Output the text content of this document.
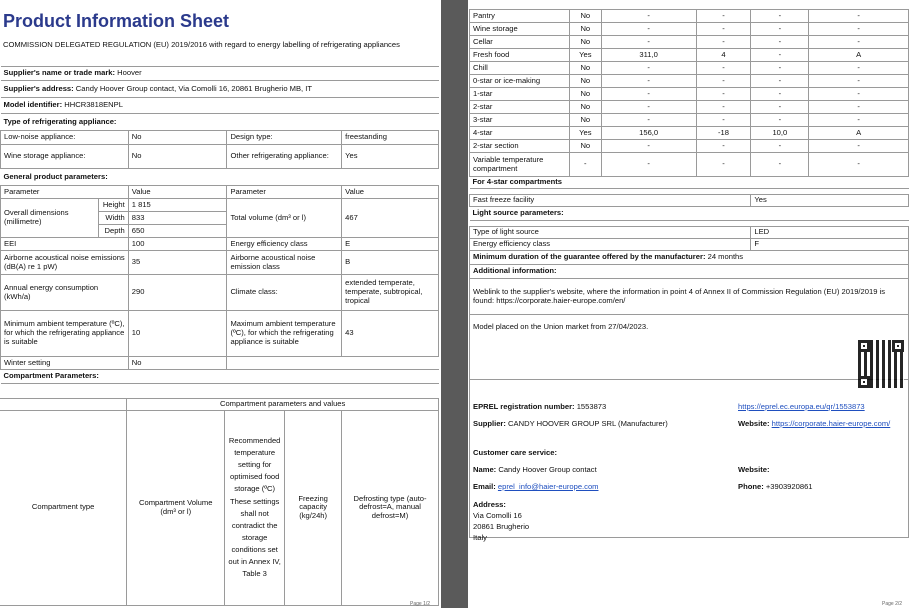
Product Information Sheet
COMMISSION DELEGATED REGULATION (EU) 2019/2016 with regard to energy labelling of refrigerating appliances
Supplier's name or trade mark: Hoover				
Supplier's address: Candy Hoover Group contact, Via Comolli 16, 20861 Brugherio MB, IT				
Model identifier: HHCR3818ENPL				
Type of refrigerating appliance:				
Low-noise appliance:		No	Design type:	freestanding
Wine storage appliance:		No	Other refrigerating appliance:	Yes
General product parameters:				
Parameter		Value	Parameter	Value
Overall dimensions (millimetre)	Height	1 815	Total volume (dm³ or l)	467
	Width	833		
	Depth	650		
EEI		100	Energy efficiency class	E
Airborne acoustical noise emissions (dB(A) re 1 pW)		35	Airborne acoustical noise emission class	B
Annual energy consumption (kWh/a)		290	Climate class:	extended temperate, temperate, subtropical, tropical
Minimum ambient temperature (ºC), for which the refrigerating appliance is suitable		10	Maximum ambient temperature (ºC), for which the refrigerating appliance is suitable	43
Winter setting		No		
Compartment Parameters:				
	Compartment parameters and values			
Compartment type	Compartment Volume (dm³ or l)	Recommended temperature setting for optimised food storage (ºC) These settings shall not contradict the storage conditions set out in Annex IV, Table 3	Freezing capacity (kg/24h)	Defrosting type (auto-defrost=A, manual defrost=M)
Page 1/2
Pantry	No	-	-	-	-
Wine storage	No	-	-	-	-
Cellar	No	-	-	-	-
Fresh food	Yes	311,0	4	-	A
Chill	No	-	-	-	-
0-star or ice-making	No	-	-	-	-
1-star	No	-	-	-	-
2-star	No	-	-	-	-
3-star	No	-	-	-	-
4-star	Yes	156,0	-18	10,0	A
2-star section	No	-	-	-	-
Variable temperature compartment	-	-	-	-	-
For 4-star compartments					

Fast freeze facility				Yes	
Light source parameters:					

Type of light source				LED	
Energy efficiency class				F	
Minimum duration of the guarantee offered by the manufacturer: 24 months					
Additional information:					
Weblink to the supplier's website, where the information in point 4 of Annex II of Commission Regulation (EU) 2019/2019 is found: https://corporate.haier-europe.com/en/					
Model placed on the Union market from 27/04/2023.					

EPREL registration number: 1553873	https://eprel.ec.europa.eu/qr/1553873
Supplier: CANDY HOOVER GROUP SRL (Manufacturer)	Website: https://corporate.haier-europe.com/
Customer care service:
Name: Candy Hoover Group contact	Website:
Email: eprel_info@haier-europe.com	Phone: +3903920861
Address:
Via Comolli 16
20861 Brugherio
Italy
Page 2/2
